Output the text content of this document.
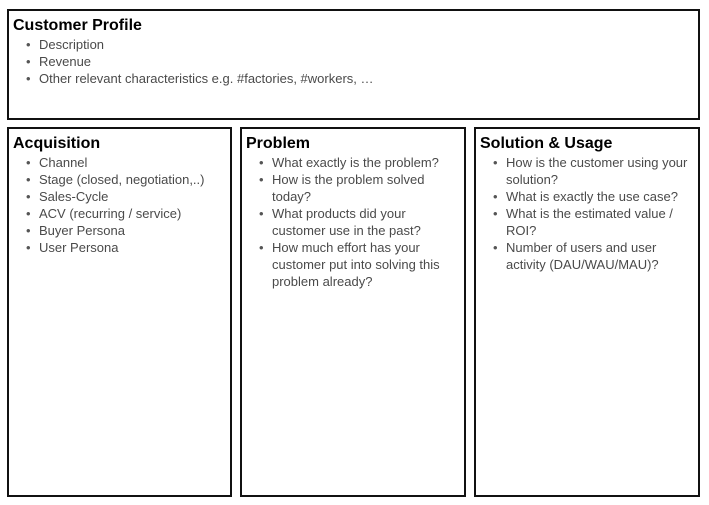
Customer Profile
• Description
• Revenue
• Other relevant characteristics e.g. #factories, #workers, …
Acquisition
• Channel
• Stage (closed, negotiation,..)
• Sales-Cycle
• ACV (recurring / service)
• Buyer Persona
• User Persona
Problem
• What exactly is the problem?
• How is the problem solved today?
• What products did your customer use in the past?
• How much effort has your customer put into solving this problem already?
Solution & Usage
• How is the customer using your solution?
• What is exactly the use case?
• What is the estimated value / ROI?
• Number of users and user activity (DAU/WAU/MAU)?
